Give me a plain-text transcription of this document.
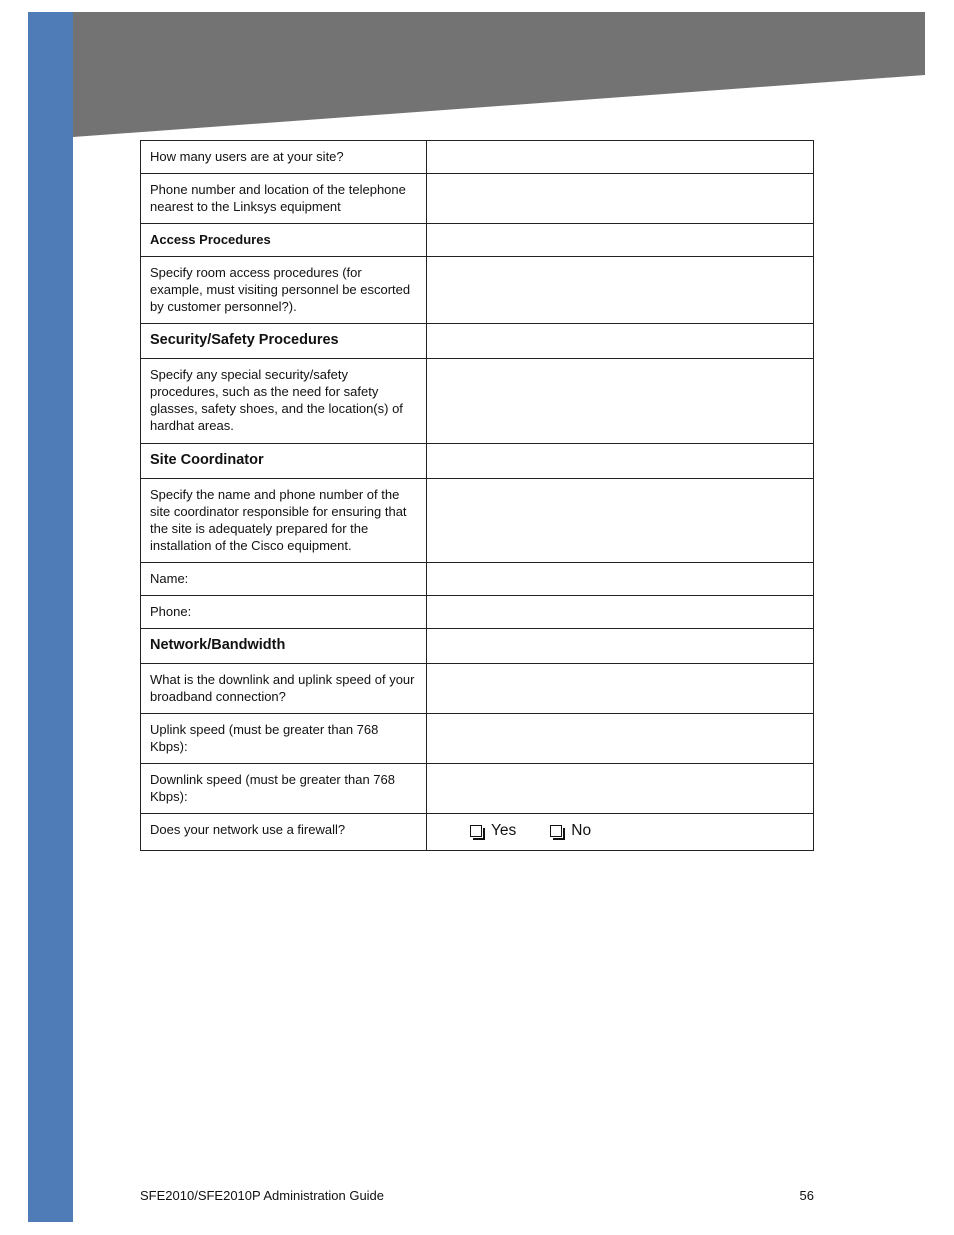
How many users are at your site?	
Phone number and location of the telephone nearest to the Linksys equipment	
Access Procedures	
Specify room access procedures (for example, must visiting personnel be escorted by customer personnel?).	
Security/Safety Procedures	
Specify any special security/safety procedures, such as the need for safety glasses, safety shoes, and the location(s) of hardhat areas.	
Site Coordinator	
Specify the name and phone number of the site coordinator responsible for ensuring that the site is adequately prepared for the installation of the Cisco equipment.	
Name:	
Phone:	
Network/Bandwidth	
What is the downlink and uplink speed of your broadband connection?	
Uplink speed (must be greater than 768 Kbps):	
Downlink speed (must be greater than 768 Kbps):	
Does your network use a firewall?	Yes No
SFE2010/SFE2010P Administration Guide	56
